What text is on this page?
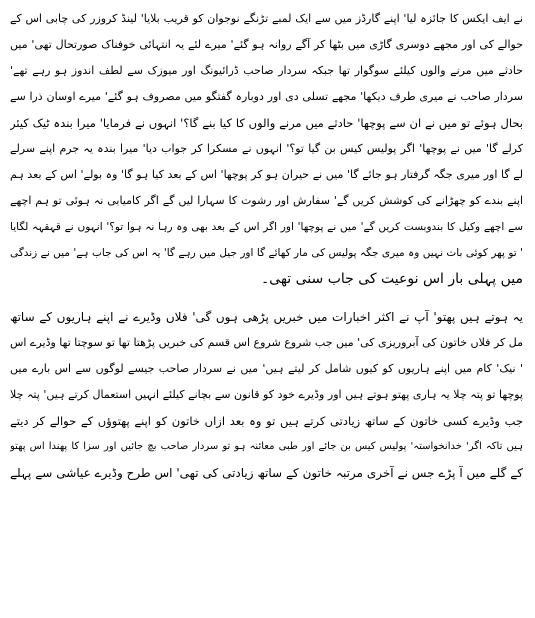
نے ایف ایکس کا جائزہ لیا' اپنے گارڈز میں سے ایک لمبے تڑنگے نوجوان کو قریب بلایا' لینڈ کروزر کی چابی اس کے
حوالے کی اور مجھے دوسری گاڑی میں بٹھا کر آگے روانہ ہو گئے' میرے لئے یہ انتہائی خوفناک صورتحال تھی' میں
حادثے میں مرنے والوں کیلئے سوگوار تھا جبکہ سردار صاحب ڈرائیونگ اور میوزک سے لطف اندوز ہو رہے تھے'
سردار صاحب نے میری طرف دیکھا' مجھے تسلی دی اور دوبارہ گفتگو میں مصروف ہو گئے' میرے اوسان ذرا سے
بحال ہوئے تو میں نے ان سے پوچھا' حادثے میں مرنے والوں کا کیا بنے گا؟' انہوں نے فرمایا' میرا بندہ ٹیک کیئر
کرلے گا' میں نے پوچھا' اگر پولیس کیس بن گیا تو؟' انہوں نے مسکرا کر جواب دیا' میرا بندہ یہ جرم اپنے سرلے
لے گا اور میری جگہ گرفتار ہو جائے گا' میں نے حیران ہو کر پوچھا' اس کے بعد کیا ہو گا' وہ بولے' اس کے بعد ہم
اپنے بندے کو چھڑانے کی کوشش کریں گے' سفارش اور رشوت کا سہارا لیں گے اگر کامیابی نہ ہوئی تو ہم اچھے
سے اچھے وکیل کا بندوبست کریں گے' میں نے پوچھا' اور اگر اس کے بعد بھی وہ رہا نہ ہوا تو؟' انہوں نے قہقہہ لگایا
' تو پھر کوئی بات نہیں وہ میری جگہ پولیس کی مار کھائے گا اور جیل میں رہے گا' یہ اس کی جاب ہے' میں نے زندگی
میں پہلی بار اس نوعیت کی جاب سنی تھی۔
یہ ہوتے ہیں پھتو' آپ نے اکثر اخبارات میں خبریں پڑھی ہوں گی' فلاں وڈیرے نے اپنے ہاریوں کے ساتھ
مل کر فلاں خاتون کی آبروریزی کی' میں جب شروع شروع اس قسم کی خبریں پڑھتا تھا تو سوچتا تھا وڈیرے اس
' نیک' کام میں اپنے ہاریوں کو کیوں شامل کر لیتے ہیں' میں نے سردار صاحب جیسے لوگوں سے اس بارے میں
پوچھا تو پتہ چلا یہ ہاری پھتو ہوتے ہیں اور وڈیرے خود کو قانون سے بچانے کیلئے انہیں استعمال کرتے ہیں' پتہ چلا
جب وڈیرے کسی خاتون کے ساتھ زیادتی کرتے ہیں تو وہ بعد ازاں خاتون کو اپنے پھتوؤں کے حوالے کر دیتے
ہیں تاکہ اگر' خدانخواستہ' پولیس کیس بن جائے اور طبی معائنہ ہو تو سردار صاحب بچ جائیں اور سزا کا پھندا اس پھتو
کے گلے میں آ پڑے جس نے آخری مرتبہ خاتون کے ساتھ زیادتی کی تھی' اس طرح وڈیرے عیاشی سے پہلے
